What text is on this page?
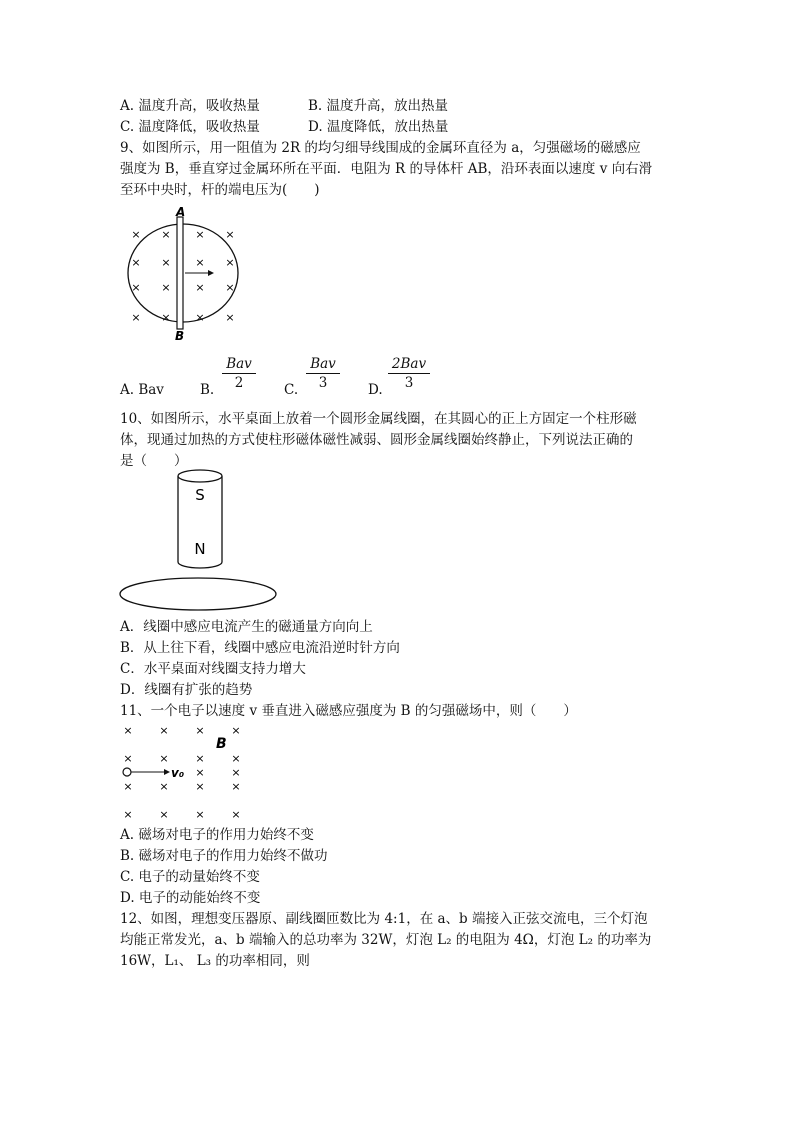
A. 温度升高，吸收热量	B. 温度升高，放出热量
C. 温度降低，吸收热量	D. 温度降低，放出热量
9、如图所示，用一阻值为 2R 的均匀细导线围成的金属环直径为 a，匀强磁场的磁感应
强度为 B，垂直穿过金属环所在平面．电阻为 R 的导体杆 AB，沿环表面以速度 v 向右滑
至环中央时，杆的端电压为(　　)
A
B
× × × ×
× × × ×
× × × ×
× × × ×
A. Bav	B.
Bav
2	C.
Bav
3	D.
2Bav
3
10、如图所示，水平桌面上放着一个圆形金属线圈，在其圆心的正上方固定一个柱形磁
体，现通过加热的方式使柱形磁体磁性减弱、圆形金属线圈始终静止，下列说法正确的
是（　　）
S
N
A．线圈中感应电流产生的磁通量方向向上
B．从上往下看，线圈中感应电流沿逆时针方向
C．水平桌面对线圈支持力增大
D．线圈有扩张的趋势
11、一个电子以速度 v 垂直进入磁感应强度为 B 的匀强磁场中，则（　　）
× × × ×
× × × ×
× ×
× × × ×
× × × ×
B
v₀
A. 磁场对电子的作用力始终不变
B. 磁场对电子的作用力始终不做功
C. 电子的动量始终不变
D. 电子的动能始终不变
12、如图，理想变压器原、副线圈匝数比为 4:1，在 a、b 端接入正弦交流电，三个灯泡
均能正常发光，a、b 端输入的总功率为 32W，灯泡 L₂ 的电阻为 4Ω，灯泡 L₂ 的功率为
16W，L₁、 L₃ 的功率相同，则
